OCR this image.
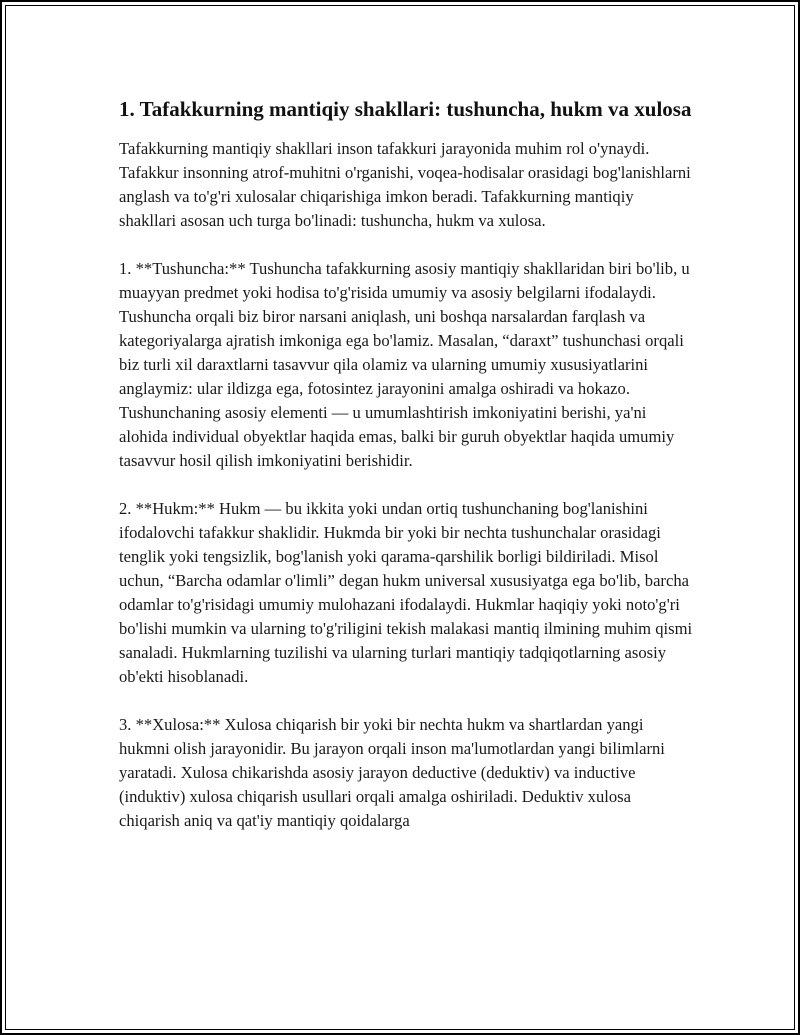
1. Tafakkurning mantiqiy shakllari: tushuncha, hukm va xulosa

Tafakkurning mantiqiy shakllari inson tafakkuri jarayonida muhim rol o'ynaydi. Tafakkur insonning atrof-muhitni o'rganishi, voqea-hodisalar orasidagi bog'lanishlarni anglash va to'g'ri xulosalar chiqarishiga imkon beradi. Tafakkurning mantiqiy shakllari asosan uch turga bo'linadi: tushuncha, hukm va xulosa.

1. **Tushuncha:** Tushuncha tafakkurning asosiy mantiqiy shakllaridan biri bo'lib, u muayyan predmet yoki hodisa to'g'risida umumiy va asosiy belgilarni ifodalaydi. Tushuncha orqali biz biror narsani aniqlash, uni boshqa narsalardan farqlash va kategoriyalarga ajratish imkoniga ega bo'lamiz. Masalan, “daraxt” tushunchasi orqali biz turli xil daraxtlarni tasavvur qila olamiz va ularning umumiy xususiyatlarini anglaymiz: ular ildizga ega, fotosintez jarayonini amalga oshiradi va hokazo. Tushunchaning asosiy elementi — u umumlashtirish imkoniyatini berishi, ya'ni alohida individual obyektlar haqida emas, balki bir guruh obyektlar haqida umumiy tasavvur hosil qilish imkoniyatini berishidir.

2. **Hukm:** Hukm — bu ikkita yoki undan ortiq tushunchaning bog'lanishini ifodalovchi tafakkur shaklidir. Hukmda bir yoki bir nechta tushunchalar orasidagi tenglik yoki tengsizlik, bog'lanish yoki qarama-qarshilik borligi bildiriladi. Misol uchun, “Barcha odamlar o'limli” degan hukm universal xususiyatga ega bo'lib, barcha odamlar to'g'risidagi umumiy mulohazani ifodalaydi. Hukmlar haqiqiy yoki noto'g'ri bo'lishi mumkin va ularning to'g'riligini tekish malakasi mantiq ilmining muhim qismi sanaladi. Hukmlarning tuzilishi va ularning turlari mantiqiy tadqiqotlarning asosiy ob'ekti hisoblanadi.

3. **Xulosa:** Xulosa chiqarish bir yoki bir nechta hukm va shartlardan yangi hukmni olish jarayonidir. Bu jarayon orqali inson ma'lumotlardan yangi bilimlarni yaratadi. Xulosa chikarishda asosiy jarayon deductive (deduktiv) va inductive (induktiv) xulosa chiqarish usullari orqali amalga oshiriladi. Deduktiv xulosa chiqarish aniq va qat'iy mantiqiy qoidalarga
